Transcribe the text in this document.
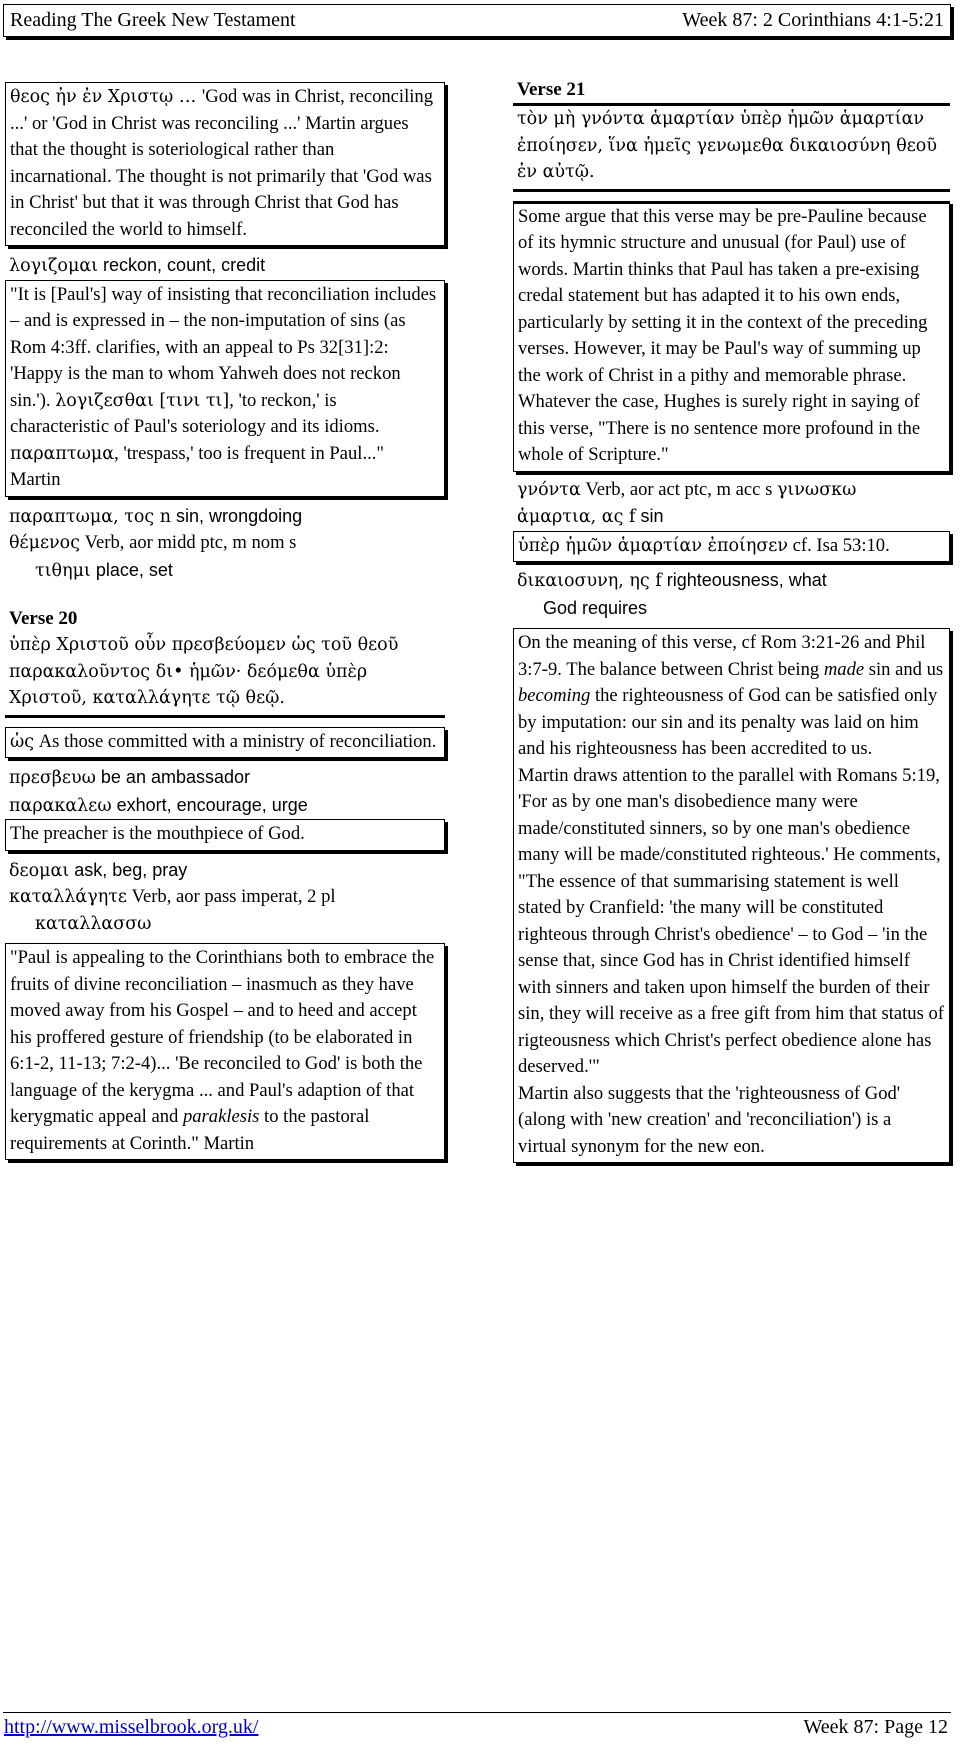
Reading The Greek New Testament	Week 87: 2 Corinthians 4:1-5:21
θεος ἠν ἐν Χριστῳ … 'God was in Christ, reconciling ...' or 'God in Christ was reconciling ...' Martin argues that the thought is soteriological rather than incarnational. The thought is not primarily that 'God was in Christ' but that it was through Christ that God has reconciled the world to himself.
λογιζομαι reckon, count, credit
"It is [Paul's] way of insisting that reconciliation includes – and is expressed in – the non-imputation of sins (as Rom 4:3ff. clarifies, with an appeal to Ps 32[31]:2: 'Happy is the man to whom Yahweh does not reckon sin.'). λογιζεσθαι [τινι τι], 'to reckon,' is characteristic of Paul's soteriology and its idioms. παραπτωμα, 'trespass,' too is frequent in Paul..." Martin
παραπτωμα, τος n sin, wrongdoing
θέμενος Verb, aor midd ptc, m nom s
τιθημι place, set
Verse 20
ὑπὲρ Χριστοῦ οὖν πρεσβεύομεν ὡς τοῦ θεοῦ παρακαλοῦντος δι• ἡμῶν· δεόμεθα ὑπὲρ Χριστοῦ, καταλλάγητε τῷ θεῷ.
ὡς As those committed with a ministry of reconciliation.
πρεσβευω be an ambassador
παρακαλεω exhort, encourage, urge
The preacher is the mouthpiece of God.
δεομαι ask, beg, pray
καταλλάγητε Verb, aor pass imperat, 2 pl
καταλλασσω
"Paul is appealing to the Corinthians both to embrace the fruits of divine reconciliation – inasmuch as they have moved away from his Gospel – and to heed and accept his proffered gesture of friendship (to be elaborated in 6:1-2, 11-13; 7:2-4)... 'Be reconciled to God' is both the language of the kerygma ... and Paul's adaption of that kerygmatic appeal and paraklesis to the pastoral requirements at Corinth." Martin
Verse 21
τὸν μὴ γνόντα ἁμαρτίαν ὑπὲρ ἡμῶν ἁμαρτίαν ἐποίησεν, ἵνα ἡμεῖς γενωμεθα δικαιοσύνη θεοῦ ἐν αὐτῷ.
Some argue that this verse may be pre-Pauline because of its hymnic structure and unusual (for Paul) use of words. Martin thinks that Paul has taken a pre-exising credal statement but has adapted it to his own ends, particularly by setting it in the context of the preceding verses. However, it may be Paul's way of summing up the work of Christ in a pithy and memorable phrase. Whatever the case, Hughes is surely right in saying of this verse, "There is no sentence more profound in the whole of Scripture."
γνόντα Verb, aor act ptc, m acc s γινωσκω
ἁμαρτια, ας f sin
ὑπὲρ ἡμῶν ἁμαρτίαν ἐποίησεν cf. Isa 53:10.
δικαιοσυνη, ης f righteousness, what
God requires
On the meaning of this verse, cf Rom 3:21-26 and Phil 3:7-9. The balance between Christ being made sin and us becoming the righteousness of God can be satisfied only by imputation: our sin and its penalty was laid on him and his righteousness has been accredited to us.
Martin draws attention to the parallel with Romans 5:19, 'For as by one man's disobedience many were made/constituted sinners, so by one man's obedience many will be made/constituted righteous.' He comments, "The essence of that summarising statement is well stated by Cranfield: 'the many will be constituted righteous through Christ's obedience' – to God – 'in the sense that, since God has in Christ identified himself with sinners and taken upon himself the burden of their sin, they will receive as a free gift from him that status of rigteousness which Christ's perfect obedience alone has deserved.'"
Martin also suggests that the 'righteousness of God' (along with 'new creation' and 'reconciliation') is a virtual synonym for the new eon.
http://www.misselbrook.org.uk/	Week 87: Page 12
